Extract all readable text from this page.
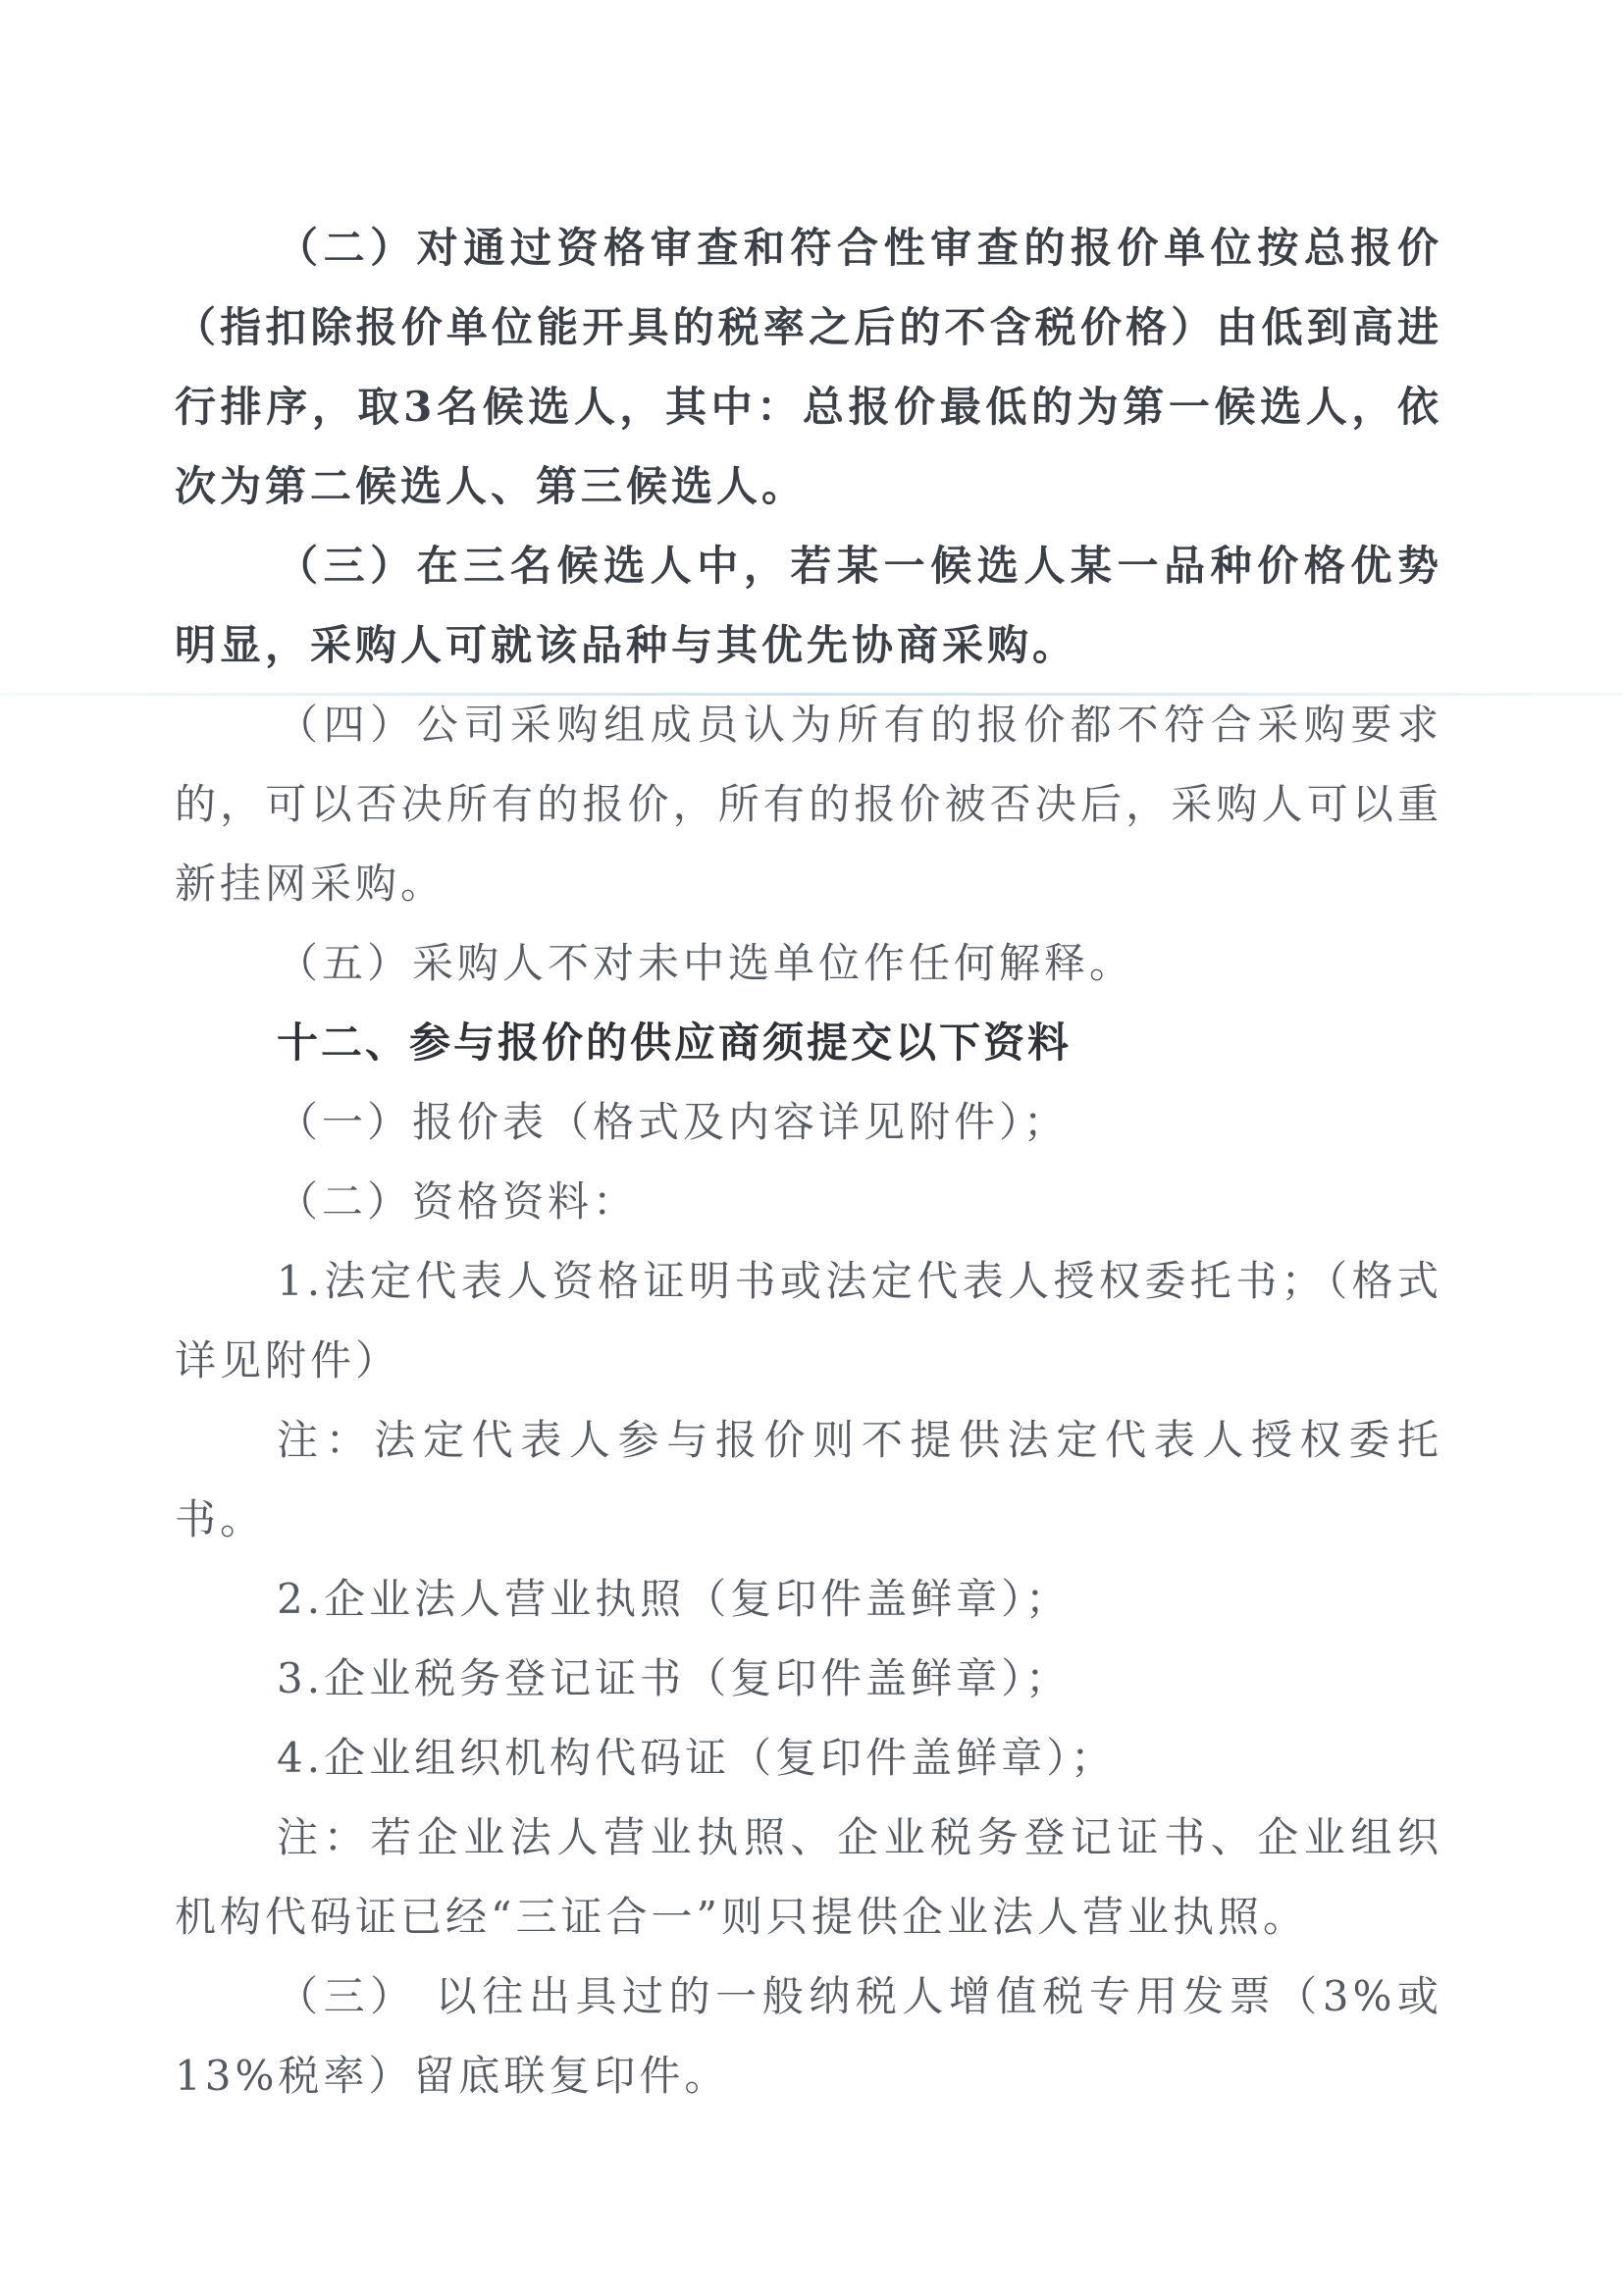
（二）对通过资格审查和符合性审查的报价单位按总报价（指扣除报价单位能开具的税率之后的不含税价格）由低到高进行排序，取3名候选人，其中：总报价最低的为第一候选人，依次为第二候选人、第三候选人。

（三）在三名候选人中，若某一候选人某一品种价格优势明显，采购人可就该品种与其优先协商采购。

（四）公司采购组成员认为所有的报价都不符合采购要求的，可以否决所有的报价，所有的报价被否决后，采购人可以重新挂网采购。

（五）采购人不对未中选单位作任何解释。

十二、参与报价的供应商须提交以下资料

（一）报价表（格式及内容详见附件）；

（二）资格资料：

1.法定代表人资格证明书或法定代表人授权委托书；（格式详见附件）

注：法定代表人参与报价则不提供法定代表人授权委托书。

2.企业法人营业执照（复印件盖鲜章）；

3.企业税务登记证书（复印件盖鲜章）；

4.企业组织机构代码证（复印件盖鲜章）；

注：若企业法人营业执照、企业税务登记证书、企业组织机构代码证已经“三证合一”则只提供企业法人营业执照。

（三） 以往出具过的一般纳税人增值税专用发票（3%或13%税率）留底联复印件。
